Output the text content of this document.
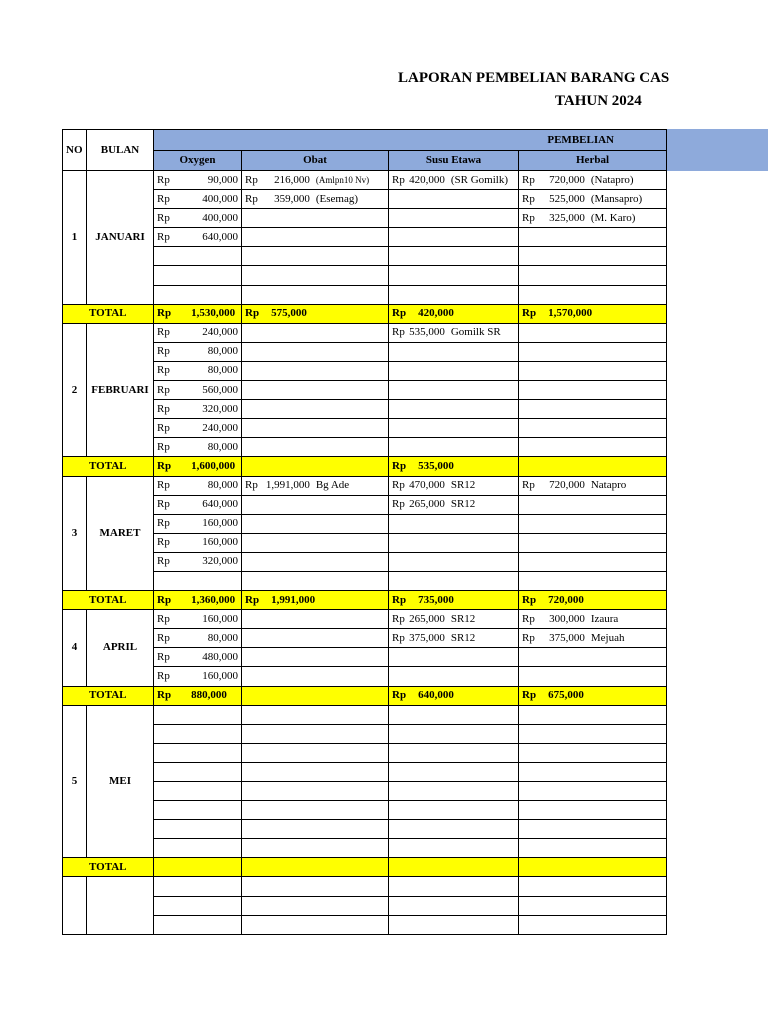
LAPORAN PEMBELIAN BARANG CAS
TAHUN 2024
NO	BULAN	PEMBELIAN			
		Oxygen	Obat	Susu Etawa	Herbal
1	JANUARI	Rp 90,000	Rp 216,000 (Amlpn10 Nv)	Rp 420,000 (SR Gomilk)	Rp 720,000 (Natapro)

		Rp 400,000	Rp 359,000 (Esemag)		Rp 525,000 (Mansapro)

		Rp 400,000			Rp 325,000 (M. Karo)

		Rp 640,000			

TOTAL		Rp 1,530,000	Rp 575,000	Rp 420,000	Rp 1,570,000

2	FEBRUARI	Rp 240,000		Rp 535,000 Gomilk SR	

		Rp 80,000			

		Rp 80,000			

		Rp 560,000			

		Rp 320,000			

		Rp 240,000			

		Rp 80,000			

TOTAL		Rp 1,600,000		Rp 535,000	

3	MARET	Rp 80,000	Rp 1,991,000 Bg Ade	Rp 470,000 SR12	Rp 720,000 Natapro

		Rp 640,000		Rp 265,000 SR12	

		Rp 160,000			

		Rp 160,000			

		Rp 320,000			

TOTAL		Rp 1,360,000	Rp 1,991,000	Rp 735,000	Rp 720,000

4	APRIL	Rp 160,000		Rp 265,000 SR12	Rp 300,000 Izaura

		Rp 80,000		Rp 375,000 SR12	Rp 375,000 Mejuah

		Rp 480,000			

		Rp 160,000			

TOTAL		Rp 880,000		Rp 640,000	Rp 675,000

5	MEI				

TOTAL					
